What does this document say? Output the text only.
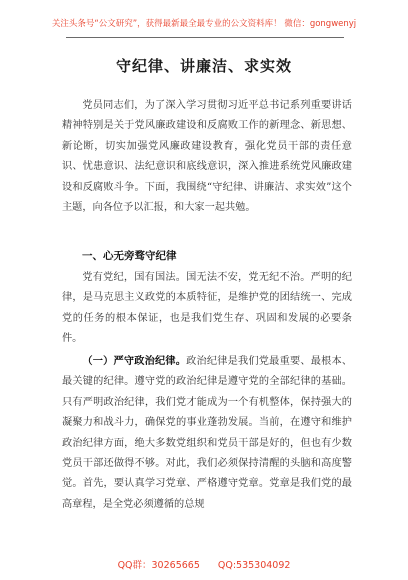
关注头条号“公文研究”，获得最新最全最专业的公文资料库！ 微信：gongwenyj
守纪律、讲廉洁、求实效

党员同志们，为了深入学习贯彻习近平总书记系列重要讲话精神特别是关于党风廉政建设和反腐败工作的新理念、新思想、新论断，切实加强党风廉政建设教育，强化党员干部的责任意识、忧患意识、法纪意识和底线意识，深入推进系统党风廉政建设和反腐败斗争。下面，我围绕“守纪律、讲廉洁、求实效”这个主题，向各位予以汇报，和大家一起共勉。

一、心无旁骛守纪律

党有党纪，国有国法。国无法不安，党无纪不治。严明的纪律，是马克思主义政党的本质特征，是维护党的团结统一、完成党的任务的根本保证，也是我们党生存、巩固和发展的必要条件。

（一）严守政治纪律。政治纪律是我们党最重要、最根本、最关键的纪律。遵守党的政治纪律是遵守党的全部纪律的基础。只有严明政治纪律，我们党才能成为一个有机整体，保持强大的凝聚力和战斗力，确保党的事业蓬勃发展。当前，在遵守和维护政治纪律方面，绝大多数党组织和党员干部是好的，但也有少数党员干部还做得不够。对此，我们必须保持清醒的头脑和高度警觉。首先，要认真学习党章、严格遵守党章。党章是我们党的最高章程，是全党必须遵循的总规

QQ群：30265665 QQ:535304092
